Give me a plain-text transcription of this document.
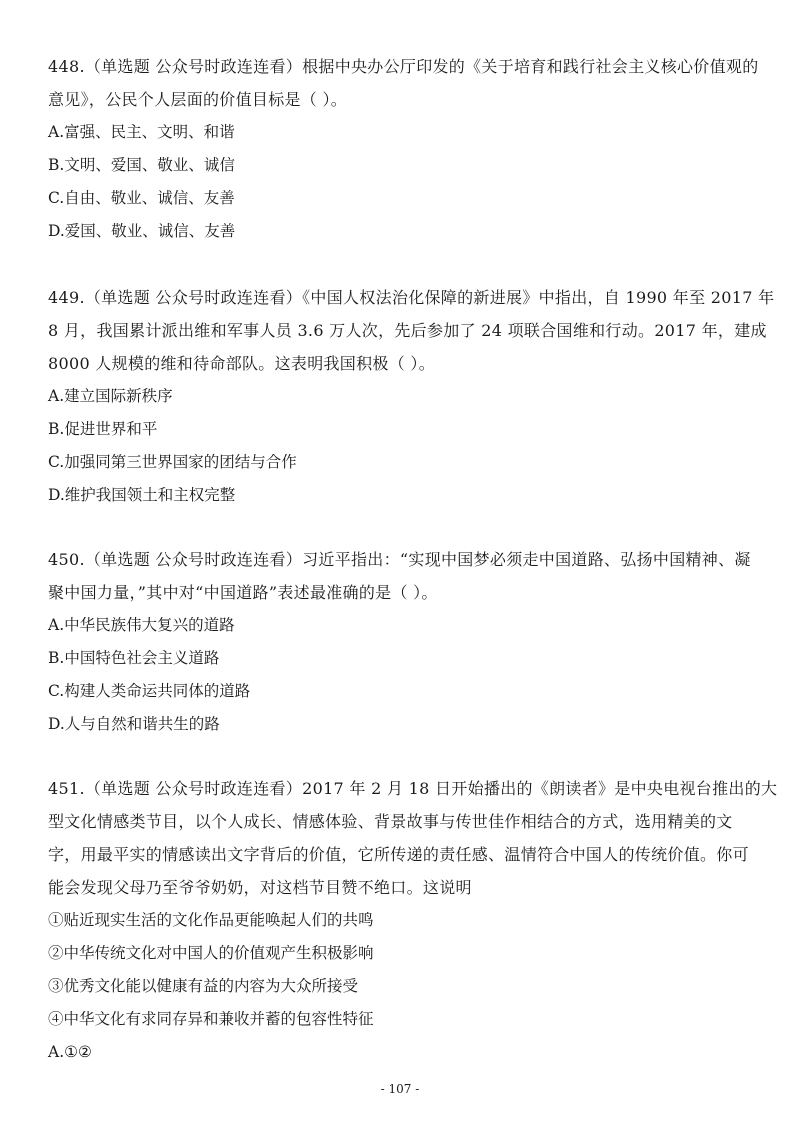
448.（单选题 公众号时政连连看）根据中央办公厅印发的《关于培育和践行社会主义核心价值观的
意见》，公民个人层面的价值目标是（ ）。
A.富强、民主、文明、和谐
B.文明、爱国、敬业、诚信
C.自由、敬业、诚信、友善
D.爱国、敬业、诚信、友善
449.（单选题 公众号时政连连看）《中国人权法治化保障的新进展》中指出，自 1990 年至 2017 年
8 月，我国累计派出维和军事人员 3.6 万人次，先后参加了 24 项联合国维和行动。2017 年，建成
8000 人规模的维和待命部队。这表明我国积极（ ）。
A.建立国际新秩序
B.促进世界和平
C.加强同第三世界国家的团结与合作
D.维护我国领土和主权完整
450.（单选题 公众号时政连连看）习近平指出：“实现中国梦必须走中国道路、弘扬中国精神、凝
聚中国力量，”其中对“中国道路”表述最准确的是（ ）。
A.中华民族伟大复兴的道路
B.中国特色社会主义道路
C.构建人类命运共同体的道路
D.人与自然和谐共生的路
451.（单选题 公众号时政连连看）2017 年 2 月 18 日开始播出的《朗读者》是中央电视台推出的大
型文化情感类节目，以个人成长、情感体验、背景故事与传世佳作相结合的方式，选用精美的文
字，用最平实的情感读出文字背后的价值，它所传递的责任感、温情符合中国人的传统价值。你可
能会发现父母乃至爷爷奶奶，对这档节目赞不绝口。这说明
①贴近现实生活的文化作品更能唤起人们的共鸣
②中华传统文化对中国人的价值观产生积极影响
③优秀文化能以健康有益的内容为大众所接受
④中华文化有求同存异和兼收并蓄的包容性特征
A.①②
- 107 -
